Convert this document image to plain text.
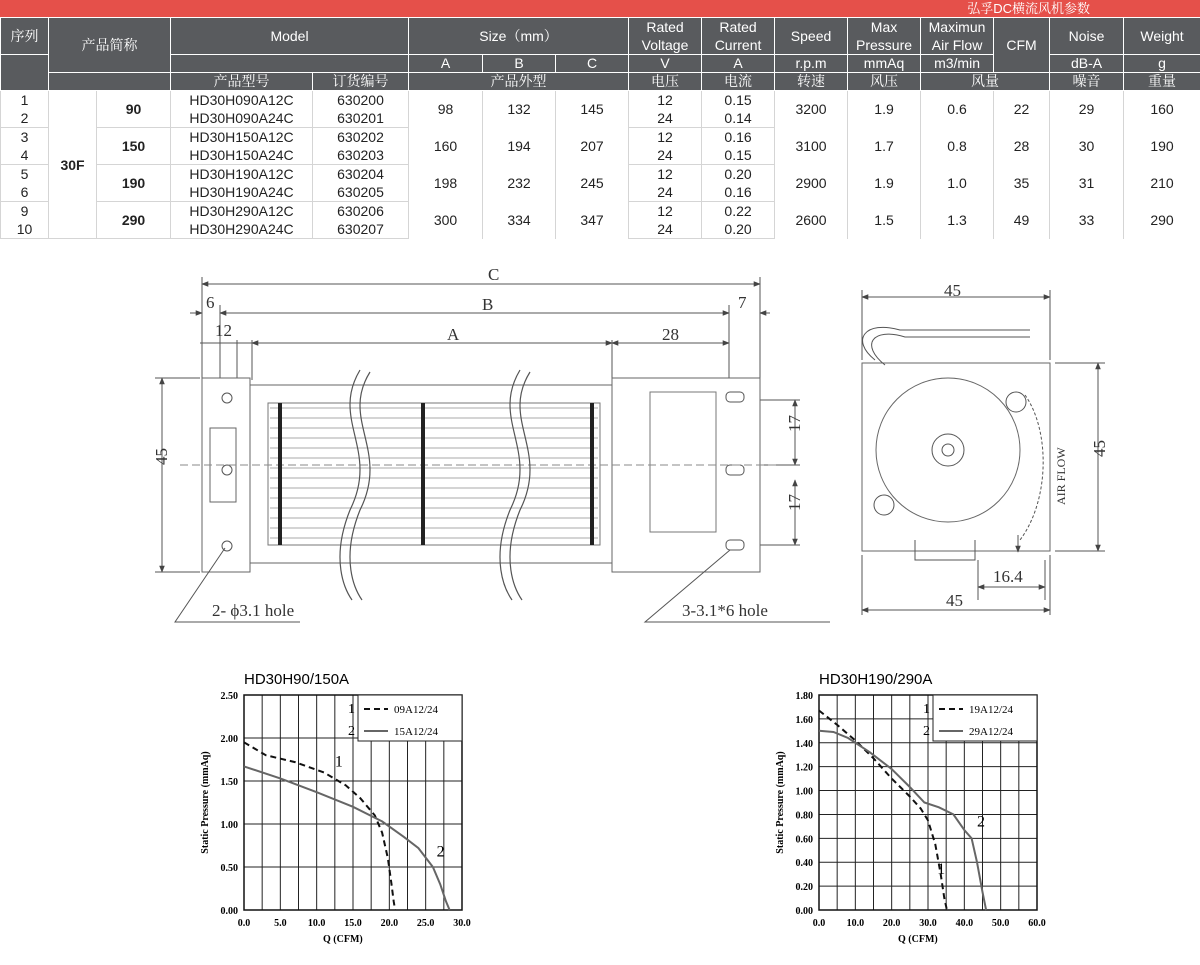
弘孚DC横流风机参数
序列	产品简称		Model		Size（mm）			Rated Voltage	Rated Current	Speed	Max Pressure	Maximun Air Flow	CFM	Noise	Weight

					A	B	C	V	A	r.p.m	mmAq	m3/min		dB-A	g
			产品型号	订货编号	产品外型			电压	电流	转速	风压	风量		噪音	重量
1	30F	90	HD30H090A12C	630200	98	132	145	12	0.15	3200	1.9	0.6	22	29	160
2			HD30H090A24C	630201				24	0.14						
3		150	HD30H150A12C	630202	160	194	207	12	0.16	3100	1.7	0.8	28	30	190
4			HD30H150A24C	630203				24	0.15						
5		190	HD30H190A12C	630204	198	232	245	12	0.20	2900	1.9	1.0	35	31	210
6			HD30H190A24C	630205				24	0.16						
9		290	HD30H290A12C	630206	300	334	347	12	0.22	2600	1.5	1.3	49	33	290
10			HD30H290A24C	630207				24	0.20						
C
B
A
6
12	28
7
45
17
17
2- ϕ3.1 hole	3-3.1*6 hole
45
45
16.4
45
AIR FLOW
HD30H90/150A
0.0 5.0 10.0 15.0 20.0 25.0 30.0
0.00
0.50
1.00
1.50
2.00
2.50
Q (CFM)
Static Pressure (mmAq)
1	09A12/24
2	15A12/24
1
2
HD30H190/290A
0.0 10.0 20.0 30.0 40.0 50.0 60.0
0.00
0.20
0.40
0.60
0.80
1.00
1.20
1.40
1.60
1.80
Q (CFM)
Static Pressure (mmAq)
1	19A12/24
2	29A12/24
2
1
